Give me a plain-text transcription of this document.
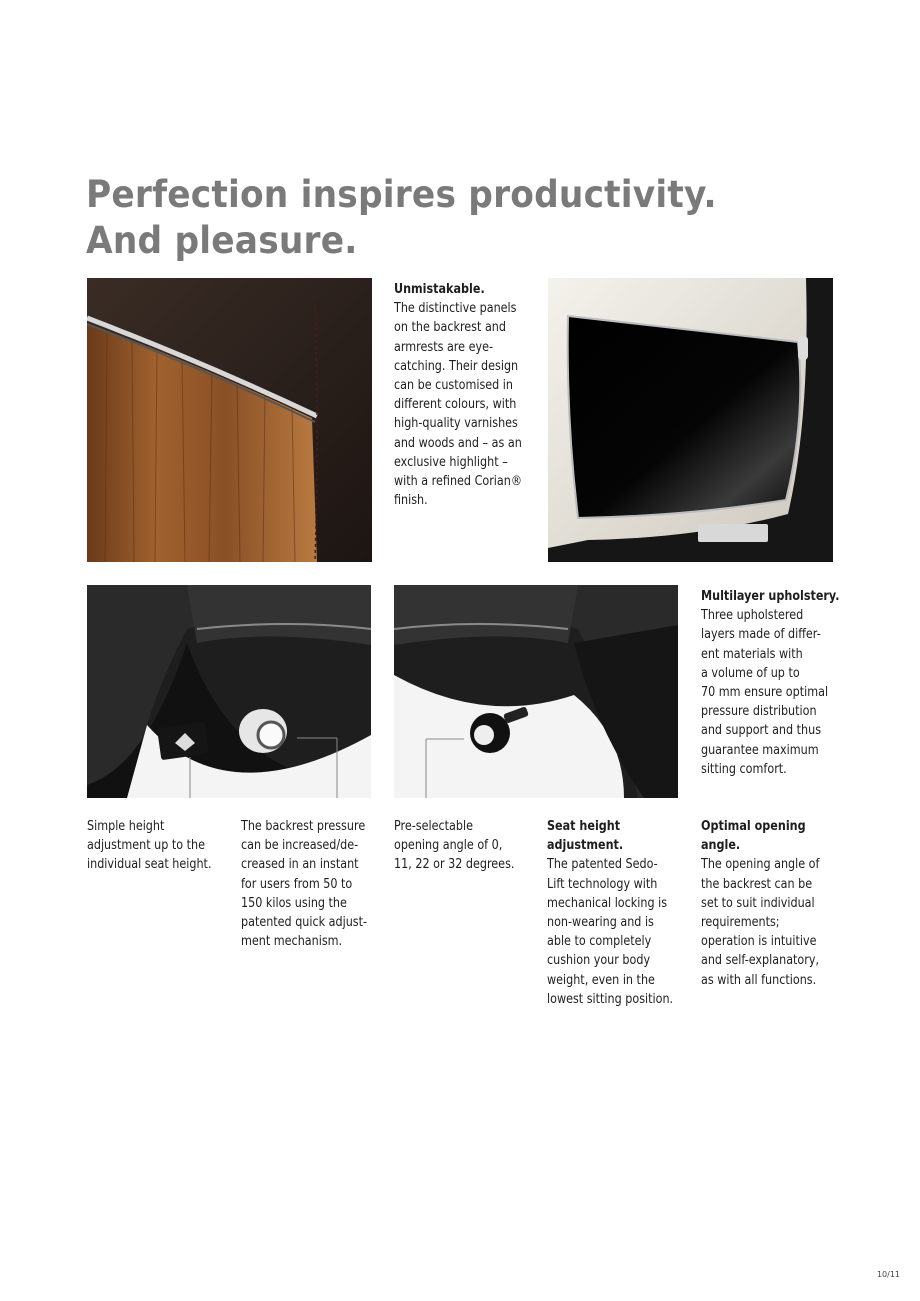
Perfection inspires productivity.
And pleasure.
Unmistakable.
The distinctive panels
on the backrest and
armrests are eye-
catching. Their design
can be customised in
different colours, with
high-quality varnishes
and woods and – as an
exclusive highlight –
with a refined Corian®
finish.
Multilayer upholstery.
Three upholstered
layers made of differ-
ent materials with
a volume of up to
70 mm ensure optimal
pressure distribution
and support and thus
guarantee maximum
sitting comfort.
Simple height
adjustment up to the
individual seat height.
The backrest pressure
can be increased/de-
creased in an instant
for users from 50 to
150 kilos using the
patented quick adjust-
ment mechanism.
Pre-selectable
opening angle of 0,
11, 22 or 32 degrees.
Seat height
adjustment.
The patented Sedo-
Lift technology with
mechanical locking is
non-wearing and is
able to completely
cushion your body
weight, even in the
lowest sitting position.
Optimal opening
angle.
The opening angle of
the backrest can be
set to suit individual
requirements;
operation is intuitive
and self-explanatory,
as with all functions.
10/11
